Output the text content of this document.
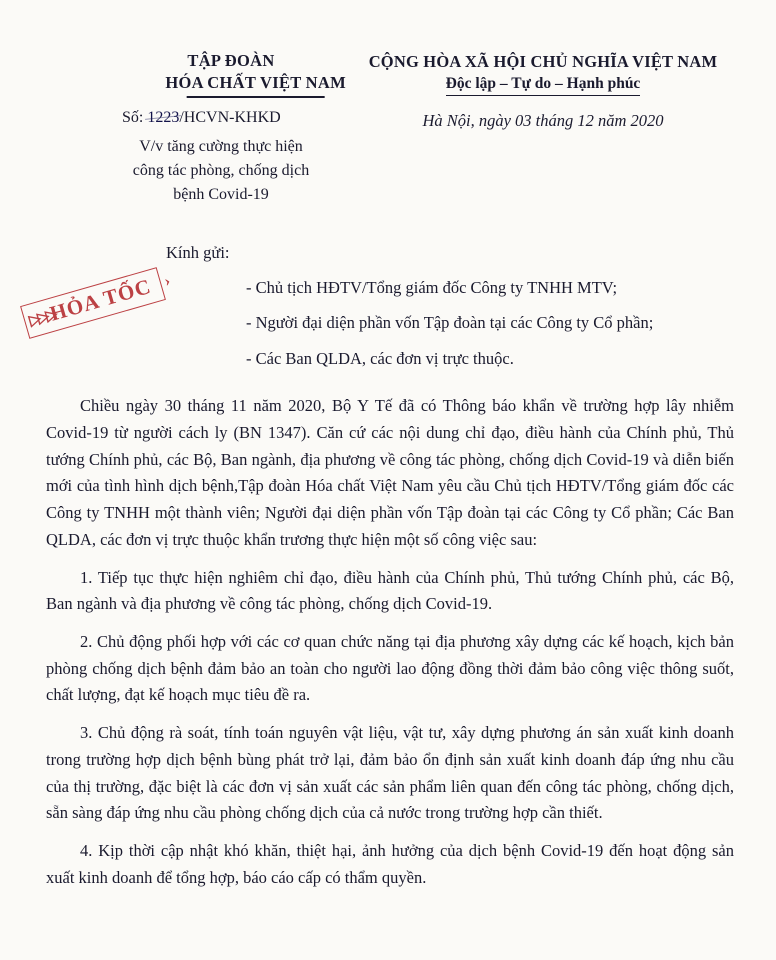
TẬP ĐOÀN
HÓA CHẤT VIỆT NAM
Số: 1223/HCVN-KHKD
V/v tăng cường thực hiện
công tác phòng, chống dịch
bệnh Covid-19
CỘNG HÒA XÃ HỘI CHỦ NGHĨA VIỆT NAM
Độc lập – Tự do – Hạnh phúc
Hà Nội, ngày 03 tháng 12 năm 2020
▷▷▷
HỎA TỐC ›
Kính gửi:
- Chủ tịch HĐTV/Tổng giám đốc Công ty TNHH MTV;
- Người đại diện phần vốn Tập đoàn tại các Công ty Cổ phần;
- Các Ban QLDA, các đơn vị trực thuộc.

Chiều ngày 30 tháng 11 năm 2020, Bộ Y Tế đã có Thông báo khẩn về trường hợp lây nhiễm Covid-19 từ người cách ly (BN 1347). Căn cứ các nội dung chỉ đạo, điều hành của Chính phủ, Thủ tướng Chính phủ, các Bộ, Ban ngành, địa phương về công tác phòng, chống dịch Covid-19 và diễn biến mới của tình hình dịch bệnh,Tập đoàn Hóa chất Việt Nam yêu cầu Chủ tịch HĐTV/Tổng giám đốc các Công ty TNHH một thành viên; Người đại diện phần vốn Tập đoàn tại các Công ty Cổ phần; Các Ban QLDA, các đơn vị trực thuộc khẩn trương thực hiện một số công việc sau:

1. Tiếp tục thực hiện nghiêm chỉ đạo, điều hành của Chính phủ, Thủ tướng Chính phủ, các Bộ, Ban ngành và địa phương về công tác phòng, chống dịch Covid-19.

2. Chủ động phối hợp với các cơ quan chức năng tại địa phương xây dựng các kế hoạch, kịch bản phòng chống dịch bệnh đảm bảo an toàn cho người lao động đồng thời đảm bảo công việc thông suốt, chất lượng, đạt kế hoạch mục tiêu đề ra.

3. Chủ động rà soát, tính toán nguyên vật liệu, vật tư, xây dựng phương án sản xuất kinh doanh trong trường hợp dịch bệnh bùng phát trở lại, đảm bảo ổn định sản xuất kinh doanh đáp ứng nhu cầu của thị trường, đặc biệt là các đơn vị sản xuất các sản phẩm liên quan đến công tác phòng, chống dịch, sẵn sàng đáp ứng nhu cầu phòng chống dịch của cả nước trong trường hợp cần thiết.

4. Kịp thời cập nhật khó khăn, thiệt hại, ảnh hưởng của dịch bệnh Covid-19 đến hoạt động sản xuất kinh doanh để tổng hợp, báo cáo cấp có thẩm quyền.
